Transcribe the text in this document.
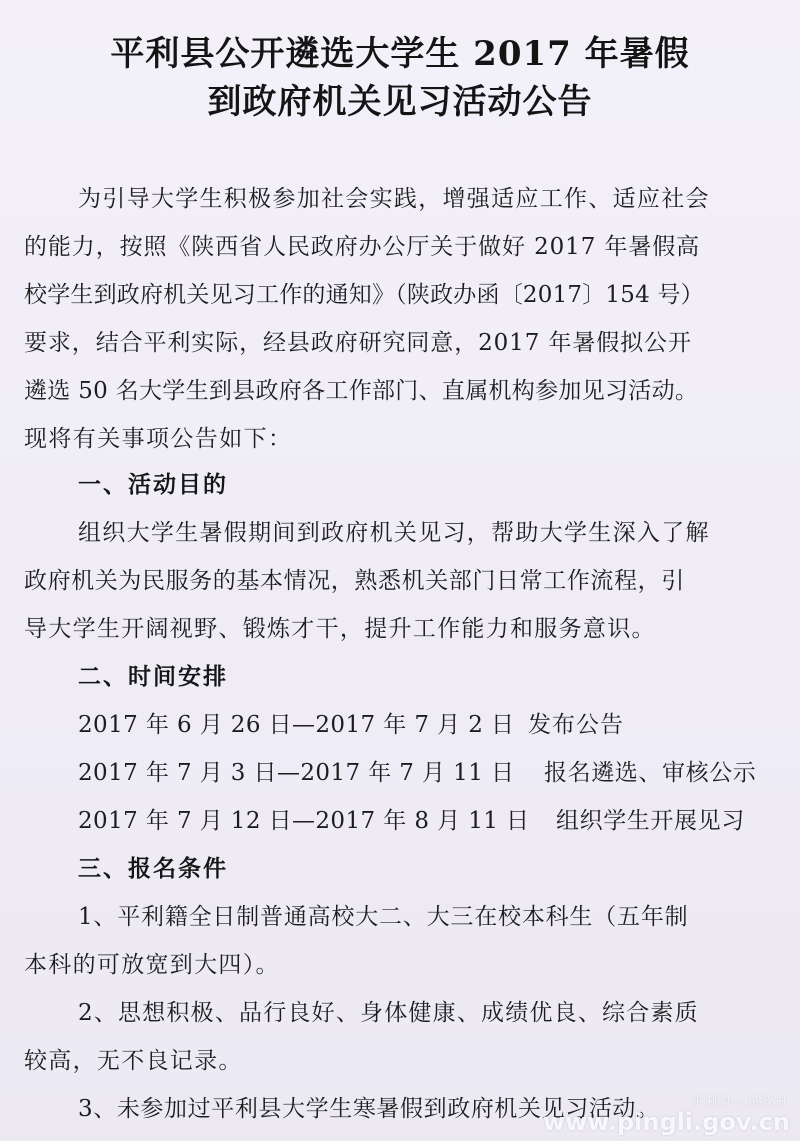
平利县公开遴选大学生 2017 年暑假
到政府机关见习活动公告
为引导大学生积极参加社会实践，增强适应工作、适应社会
的能力，按照《陕西省人民政府办公厅关于做好 2017 年暑假高
校学生到政府机关见习工作的通知》（陕政办函〔2017〕154 号）
要求，结合平利实际，经县政府研究同意，2017 年暑假拟公开
遴选 50 名大学生到县政府各工作部门、直属机构参加见习活动。
现将有关事项公告如下：
一、活动目的
组织大学生暑假期间到政府机关见习，帮助大学生深入了解
政府机关为民服务的基本情况，熟悉机关部门日常工作流程，引
导大学生开阔视野、锻炼才干，提升工作能力和服务意识。
二、时间安排
2017 年 6 月 26 日—2017 年 7 月 2 日 发布公告
2017 年 7 月 3 日—2017 年 7 月 11 日 报名遴选、审核公示
2017 年 7 月 12 日—2017 年 8 月 11 日 组织学生开展见习
三、报名条件
1、平利籍全日制普通高校大二、大三在校本科生（五年制
本科的可放宽到大四）。
2、思想积极、品行良好、身体健康、成绩优良、综合素质
较高，无不良记录。
3、未参加过平利县大学生寒暑假到政府机关见习活动。	平利县人民政府
www.pingli.gov.cn
